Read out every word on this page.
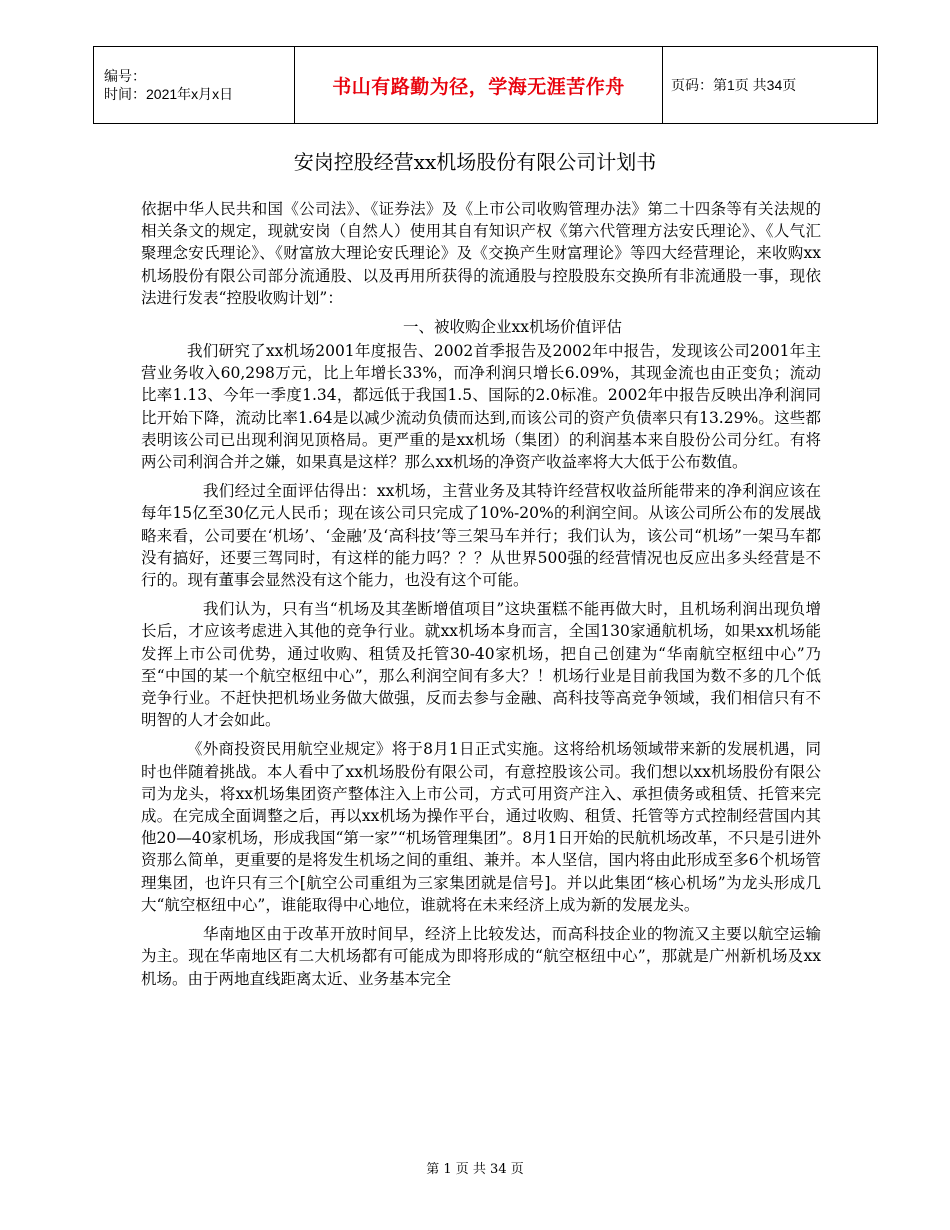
编号：
时间：2021年x月x日	书山有路勤为径，学海无涯苦作舟	页码：第1页 共34页
安岗控股经营xx机场股份有限公司计划书

依据中华人民共和国《公司法》、《证券法》及《上市公司收购管理办法》第二十四条等有关法规的相关条文的规定，现就安岗（自然人）使用其自有知识产权《第六代管理方法安氏理论》、《人气汇聚理念安氏理论》、《财富放大理论安氏理论》及《交换产生财富理论》等四大经营理论，来收购xx机场股份有限公司部分流通股、以及再用所获得的流通股与控股股东交换所有非流通股一事，现依法进行发表“控股收购计划”：

一、被收购企业xx机场价值评估

我们研究了xx机场2001年度报告、2002首季报告及2002年中报告，发现该公司2001年主营业务收入60,298万元，比上年增长33%，而净利润只增长6.09%，其现金流也由正变负；流动比率1.13、今年一季度1.34，都远低于我国1.5、国际的2.0标准。2002年中报告反映出净利润同比开始下降，流动比率1.64是以减少流动负债而达到,而该公司的资产负债率只有13.29%。这些都表明该公司已出现利润见顶格局。更严重的是xx机场（集团）的利润基本来自股份公司分红。有将两公司利润合并之嫌，如果真是这样？那么xx机场的净资产收益率将大大低于公布数值。

我们经过全面评估得出：xx机场，主营业务及其特许经营权收益所能带来的净利润应该在每年15亿至30亿元人民币；现在该公司只完成了10%-20%的利润空间。从该公司所公布的发展战略来看，公司要在‘机场’、‘金融’及‘高科技’等三架马车并行；我们认为，该公司“机场”一架马车都没有搞好，还要三驾同时，有这样的能力吗？？？从世界500强的经营情况也反应出多头经营是不行的。现有董事会显然没有这个能力，也没有这个可能。

我们认为，只有当“机场及其垄断增值项目”这块蛋糕不能再做大时，且机场利润出现负增长后，才应该考虑进入其他的竞争行业。就xx机场本身而言，全国130家通航机场，如果xx机场能发挥上市公司优势，通过收购、租赁及托管30-40家机场，把自己创建为“华南航空枢纽中心”乃至“中国的某一个航空枢纽中心”，那么利润空间有多大？！机场行业是目前我国为数不多的几个低竞争行业。不赶快把机场业务做大做强，反而去参与金融、高科技等高竞争领域，我们相信只有不明智的人才会如此。

《外商投资民用航空业规定》将于8月1日正式实施。这将给机场领域带来新的发展机遇，同时也伴随着挑战。本人看中了xx机场股份有限公司，有意控股该公司。我们想以xx机场股份有限公司为龙头，将xx机场集团资产整体注入上市公司，方式可用资产注入、承担债务或租赁、托管来完成。在完成全面调整之后，再以xx机场为操作平台，通过收购、租赁、托管等方式控制经营国内其他20—40家机场，形成我国“第一家”“机场管理集团”。8月1日开始的民航机场改革，不只是引进外资那么简单，更重要的是将发生机场之间的重组、兼并。本人坚信，国内将由此形成至多6个机场管理集团，也许只有三个[航空公司重组为三家集团就是信号]。并以此集团“核心机场”为龙头形成几大“航空枢纽中心”，谁能取得中心地位，谁就将在未来经济上成为新的发展龙头。

华南地区由于改革开放时间早，经济上比较发达，而高科技企业的物流又主要以航空运输为主。现在华南地区有二大机场都有可能成为即将形成的“航空枢纽中心”，那就是广州新机场及xx机场。由于两地直线距离太近、业务基本完全

第 1 页 共 34 页
